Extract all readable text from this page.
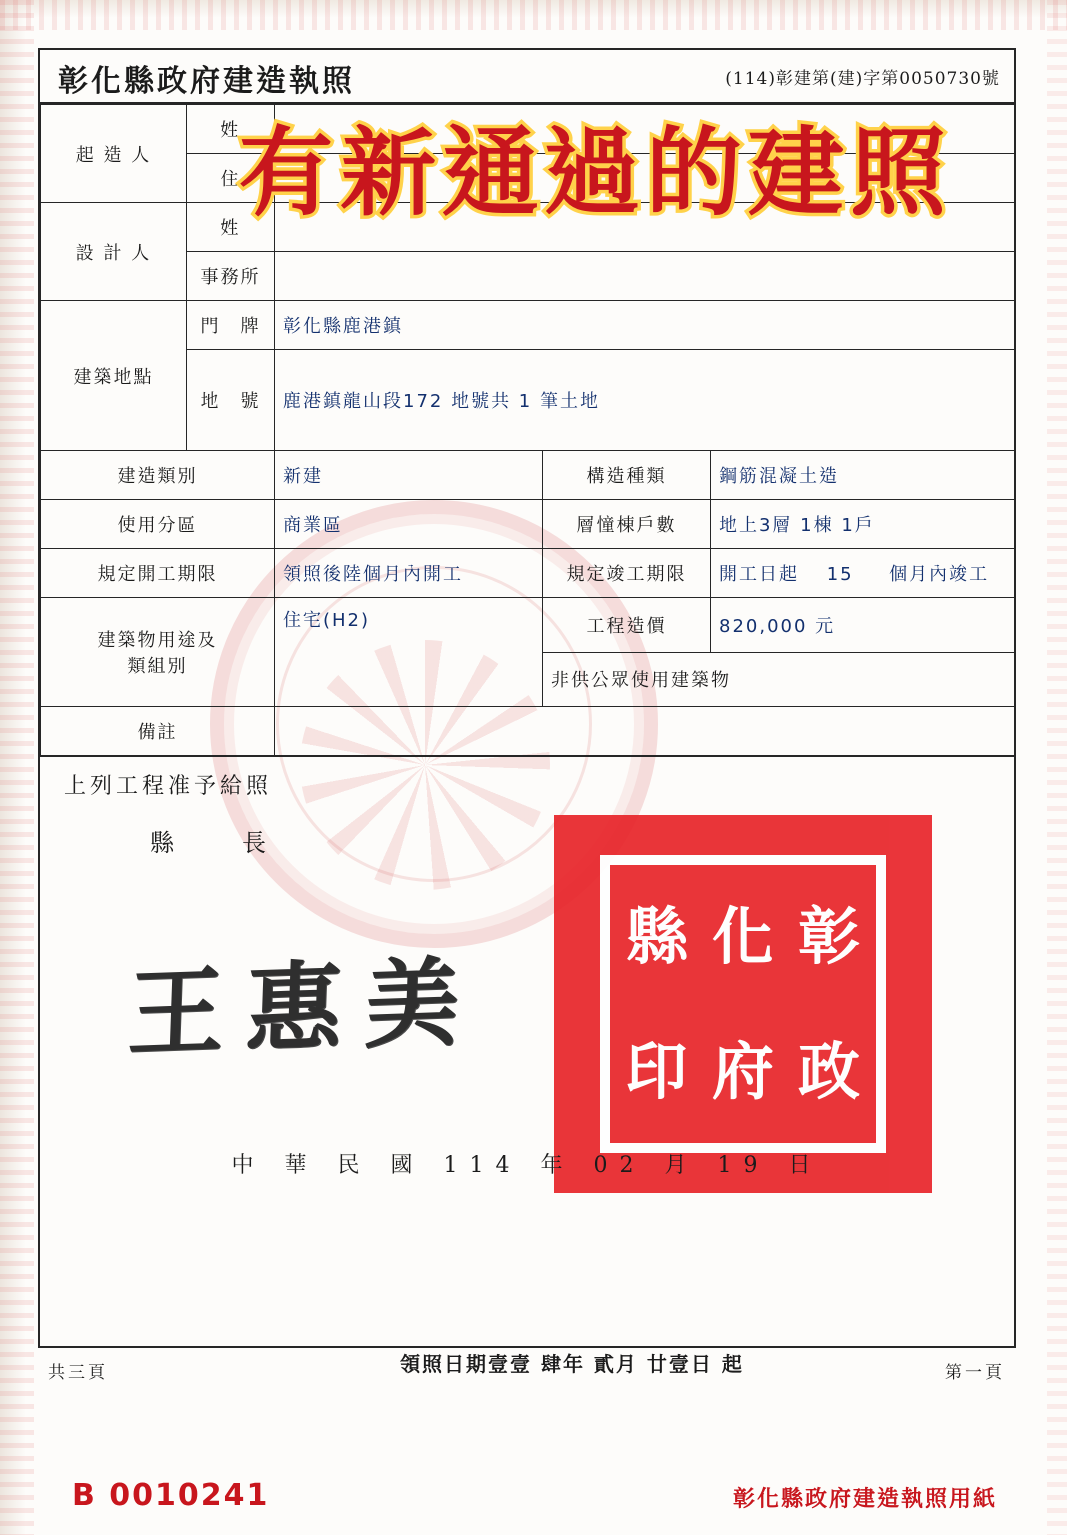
彰化縣政府建造執照	(114)彰建第(建)字第0050730號
起 造 人	姓			
	住			
設 計 人	姓			
	事務所			
建築地點	門　牌	彰化縣鹿港鎮		
	地　號	鹿港鎮龍山段172 地號共 1 筆土地		
建造類別		新建	構造種類	鋼筋混凝土造
使用分區		商業區	層憧棟戶數	地上3層 1棟 1戶
規定開工期限		領照後陸個月內開工	規定竣工期限	開工日起　 15 　 個月內竣工

建築物用途及
類組別		住宅(H2)	工程造價	820,000 元
			非供公眾使用建築物	
備註				
上列工程准予給照
縣　長
王惠美
彰
化
縣
政
府
印
中 華 民 國 114 年 02 月 19 日
共三頁	領照日期壹壹 肆年 貳月 廿壹日 起	第一頁
B 0010241	彰化縣政府建造執照用紙
有新通過的建照
